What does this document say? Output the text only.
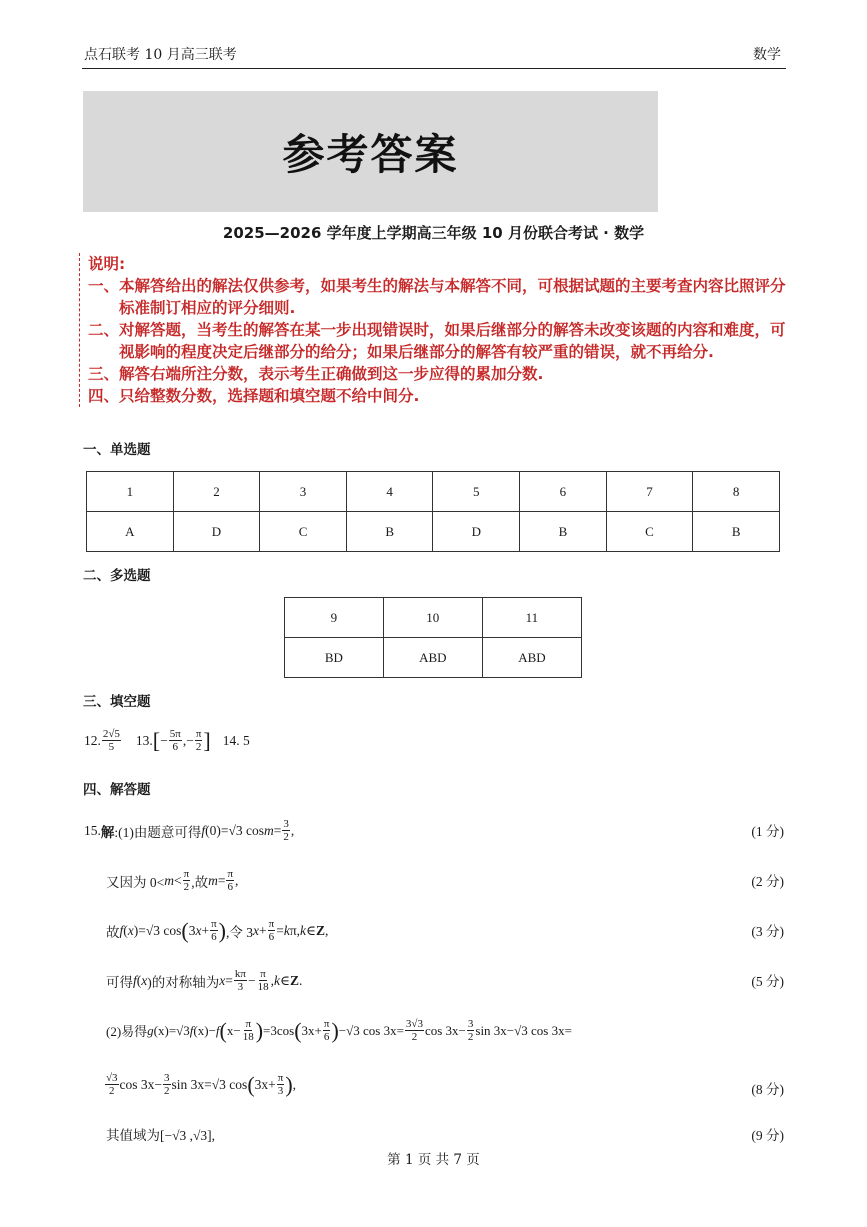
点石联考 10 月高三联考	数学
参考答案
2025—2026 学年度上学期高三年级 10 月份联合考试 · 数学

说明:

一、 本解答给出的解法仅供参考，如果考生的解法与本解答不同，可根据试题的主要考查内容比照评分标准制订相应的评分细则.

二、 对解答题，当考生的解答在某一步出现错误时，如果后继部分的解答未改变该题的内容和难度，可视影响的程度决定后继部分的给分；如果后继部分的解答有较严重的错误，就不再给分.

三、 解答右端所注分数，表示考生正确做到这一步应得的累加分数.

四、 只给整数分数，选择题和填空题不给中间分.

一、单选题
1	2	3	4	5	6	7	8
A	D	C	B	D	B	C	B
二、多选题
9	10	11
BD	ABD	ABD
三、填空题
12. $\frac{2√5}{5} 13$. [ − $\frac{5\pi}{6}$ ,− $\frac{\pi}{2}$ ] 14. 5
四、解答题
15. 解 :(1)由题意可得 f (0)=√3 $\cos m = \frac{3}{2}$ ,	(1 分)
又因为 $0< m < \frac{\pi}{2}$ ,故 $m = \frac{\pi}{6}$ ,	(2 分)
故 f ( x )=√3 cos ( 3 $x + \frac{\pi}{6}$ ) ,令 3 $x + \frac{\pi}{6} = k$ π, k ∈ Z ,	(3 分)
可得 f ( x )的对称轴为 $x = \frac{k\pi}{3} - \frac{\pi}{18}$ , k ∈ Z .	(5 分)
(2)易得 g (x)=√3 f (x)− f ( $x- \frac{\pi}{18}$ ) =3cos ( $3x+ \frac{\pi}{6}$ ) −√3 $\cos 3x= \frac{3√3}{2}$ $\cos 3x- \frac{3}{2}$ sin 3x−√3 cos 3x=
$\frac{√3}{2}$ $\cos 3x- \frac{3}{2}$ sin 3x=√3 cos ( $3x+ \frac{\pi}{3}$ ) ,	(8 分)
其值域为[−√3 ,√3],	(9 分)
第 1 页 共 7 页
